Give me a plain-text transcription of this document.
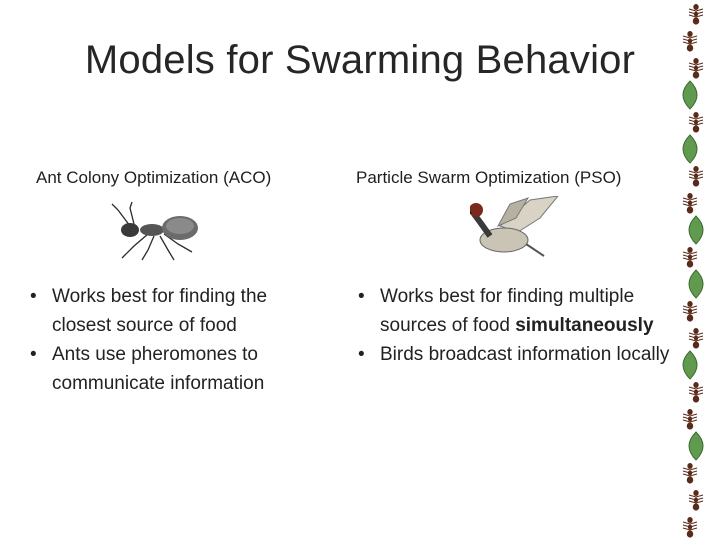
Models for Swarming Behavior
Ant Colony Optimization (ACO)	Particle Swarm Optimization (PSO)
• Works best for finding the closest source of food
• Ants use pheromones to communicate information
• Works best for finding multiple sources of food simultaneously
• Birds broadcast information locally
